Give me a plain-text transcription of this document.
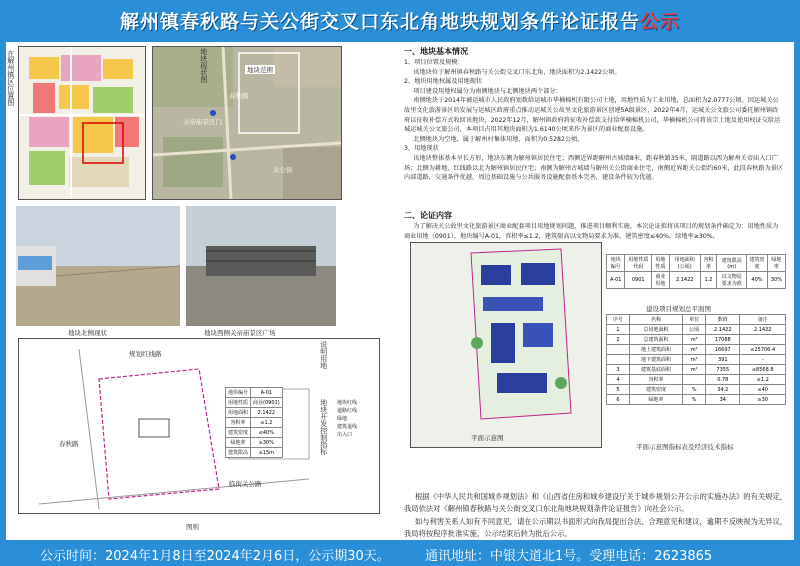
解州镇春秋路与关公街交叉口东北角地块规划条件论证报告 公示
在解州镇区位置图	地块范围
关帝庙景区门
春秋路
关公街
地块现状图
地块北侧现状	地块西侧关帝庙景区广场
说明用地
地块开发控制指标
规划红线路
春秋路
临街关公路
地块编号	A-01
用地性质	商业(0901)
用地面积	2.1422
容积率	≤1.2
建筑密度	≤40%
绿地率	≥30%
建筑限高	≤15m
地块红线
道路红线
绿地
建筑退线
出入口
图则
一、地块基本情况
1、项目位置及规模：
该地块位于解州镇春秋路与关公街交叉口东北角，地块面积为2.1422公顷。
2、地块用地权属及用地现状
项目建设用地权属分为南侧地块与北侧地块两个部分：
南侧地块于2014年被运城市人民政府划拨给运城市华楠棉机有限公司土地，用地性质为工业用地，总面积为2.0777公顷。因运城关公故里文化旅游景区的发展与运城区政府重点推动运城关公故里文化旅游景区创建5A级景区，2022年4月，运城关公文旅公司委托解州镇政府以征收补偿方式收回该地块，2022年12月，解州镇政府将征收补偿款支付给华楠棉机公司，华楠棉机公司将该宗土地及使用权证交给运城运城关公文旅公司，本项目占用其地块面积为1.6140公顷来作为景区的商业配套设施。
北侧地块为空地，属于解州村集体用地，面积为0.5282公顷。
3、用地现状
该地块整体基本呈长方形，地块东侧为解州镇居民住宅；西侧近界距解州古城墙8米，距春秋路35米，隔道路以西为解州关帝庙入口广场；北侧为耕地，红线路以北为解州镇居民住宅；南侧为解州古城墙与解州关公街商业住宅，南侧近界距关公街约60米，此段春秋路为景区内部道路，交通条件优越，周边基础设施与公共服务设施配套基本完善，建设条件较为优越。
二、论证内容
为了解决关公故里文化旅游景区商业配套项目用地规划问题，推进项目顺利实施，本次论证拟将该项目的规划条件确定为：用地性质为商业用地（0901），地块编号A-01，容积率≤1.2，建筑限高以文物局要求为准，建筑密度≤40%，绿地率≥30%。
地块编号	用地性质代码	用地性质	用地面积(公顷)	容积率	建筑限高(m)	建筑密度	绿地率
A-01	0901	商业用地	2.1422	1.2	以文物局要求为准	40%	30%
平面示意图
建设项目规划总平面图
序号	名称	单位	数值	备注
1	总用地面积	公顷	2.1422	2.1422
2	总建筑面积	m²	17088	
	地上建筑面积	m²	16697	≤25706.4
	地下建筑面积	m²	391	-
3	建筑基底面积	m²	7355	≤8568.8
4	容积率		0.78	≤1.2
5	建筑密度	%	34.2	≤40
6	绿地率	%	34	≥30
平面示意图指标表及经济技术指标
根据《中华人民共和国城乡规划法》和《山西省住房和城乡建设厅关于城乡规划公开公示的实施办法》的有关规定，我局依法对《解州镇春秋路与关公街交叉口东北角地块规划条件论证报告》向社会公示。
如与利害关系人如有不同意见，请在公示期以书面形式向我局提出合法、合理意见和建议，逾期不反映视为无异议，我局将按程序批准实施，公示结束后转为批后公示。
公示时间：2024年1月8日至2024年2月6日，公示期30天。	通讯地址：中银大道北1号。受理电话：2623865
